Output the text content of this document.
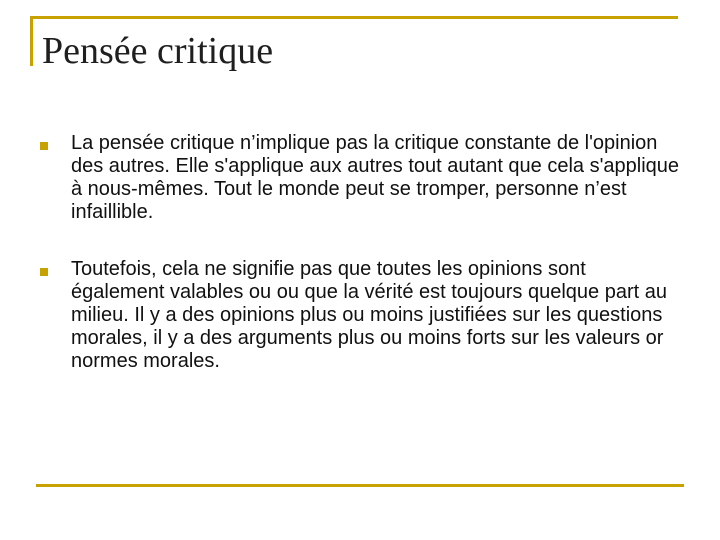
Pensée critique
La pensée critique n’implique pas la critique constante de l'opinion des autres. Elle s'applique aux autres tout autant que cela s'applique à nous-mêmes. Tout le monde peut se tromper, personne n’est infaillible.
Toutefois, cela ne signifie pas que toutes les opinions sont également valables ou ou que la vérité est toujours quelque part au milieu. Il y a des opinions plus ou moins justifiées sur les questions morales, il y a des arguments plus ou moins forts sur les valeurs or normes morales.
